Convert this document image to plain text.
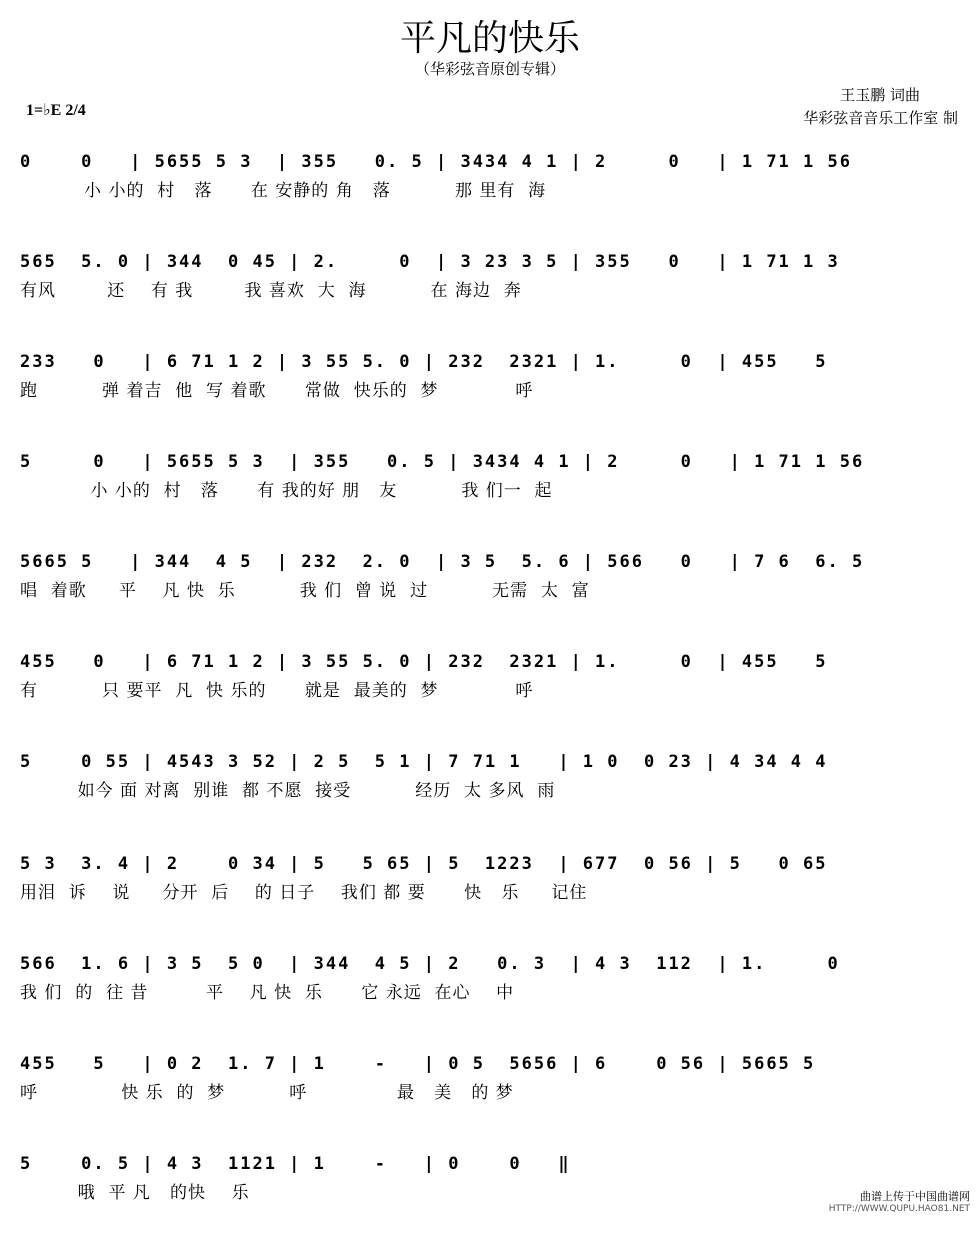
平凡的快乐
（华彩弦音原创专辑）
1=♭E 2/4
王玉鹏 词曲
华彩弦音音乐工作室 制
0    0   | 5655 5 3  | 355   0. 5 | 3434 4 1 | 2     0   | 1 71 1 56
小 小的  村   落      在 安静的 角   落          那 里有  海
565  5. 0 | 344  0 45 | 2.     0  | 3 23 3 5 | 355   0   | 1 71 1 3
有风        还    有 我        我 喜欢  大  海          在 海边  奔
233   0   | 6 71 1 2 | 3 55 5. 0 | 232  2321 | 1.     0  | 455   5
跑          弹 着吉  他  写 着歌      常做  快乐的  梦            呼
5     0   | 5655 5 3  | 355   0. 5 | 3434 4 1 | 2     0   | 1 71 1 56
小 小的  村   落      有 我的好 朋   友          我 们一  起
5665 5   | 344  4 5  | 232  2. 0  | 3 5  5. 6 | 566   0   | 7 6  6. 5
唱  着歌     平    凡 快  乐          我 们  曾 说  过          无需  太  富
455   0   | 6 71 1 2 | 3 55 5. 0 | 232  2321 | 1.     0  | 455   5
有          只 要平  凡  快 乐的      就是  最美的  梦            呼
5    0 55 | 4543 3 52 | 2 5  5 1 | 7 71 1   | 1 0  0 23 | 4 34 4 4
如今 面 对离  别谁  都 不愿  接受          经历  太 多风  雨
5 3  3. 4 | 2    0 34 | 5   5 65 | 5  1223  | 677  0 56 | 5   0 65
用泪  诉    说     分开  后    的 日子    我们 都 要      快   乐     记住
566  1. 6 | 3 5  5 0  | 344  4 5 | 2   0. 3  | 4 3  112  | 1.     0
我 们  的  往 昔         平    凡 快  乐      它 永远  在心    中
455   5   | 0 2  1. 7 | 1    -   | 0 5  5656 | 6    0 56 | 5665 5
呼             快 乐  的  梦          呼              最   美   的 梦
5    0. 5 | 4 3  1121 | 1    -   | 0    0   ‖
哦  平 凡   的快    乐	曲谱上传于中国曲谱网
HTTP://WWW.QUPU.HAO81.NET
